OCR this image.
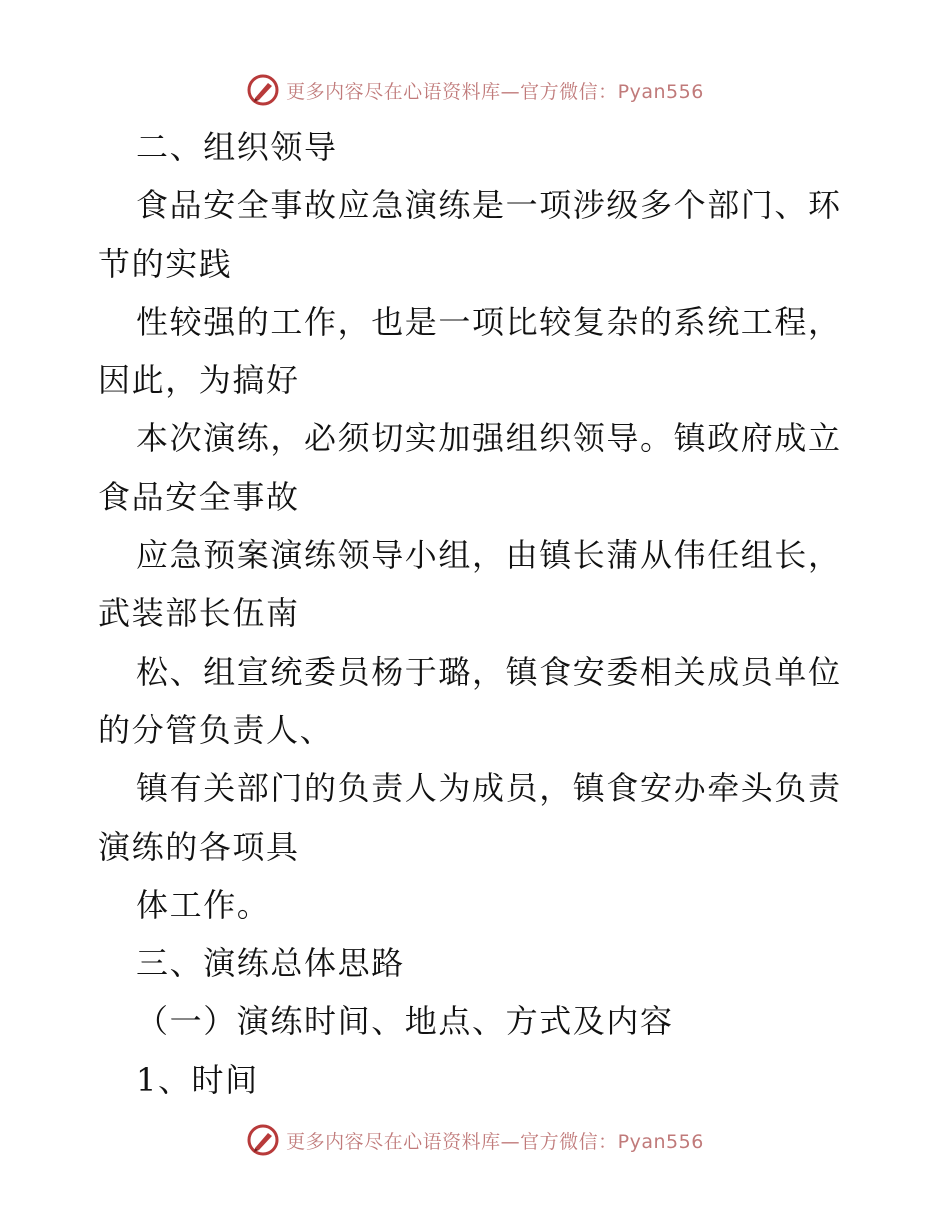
更多内容尽在心语资料库—官方微信：Pyan556
二、组织领导
食品安全事故应急演练是一项涉级多个部门、环
节的实践
性较强的工作，也是一项比较复杂的系统工程，
因此，为搞好
本次演练，必须切实加强组织领导。镇政府成立
食品安全事故
应急预案演练领导小组，由镇长蒲从伟任组长，
武装部长伍南
松、组宣统委员杨于璐，镇食安委相关成员单位
的分管负责人、
镇有关部门的负责人为成员，镇食安办牵头负责
演练的各项具
体工作。
三、演练总体思路
（一）演练时间、地点、方式及内容
1、时间
更多内容尽在心语资料库—官方微信：Pyan556
